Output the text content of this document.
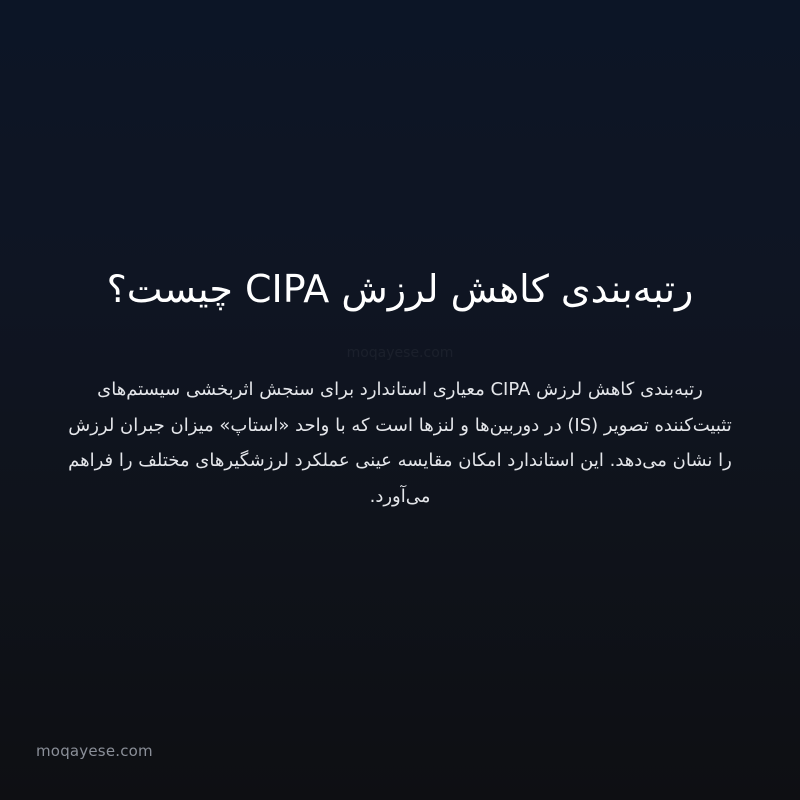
رتبه‌بندی کاهش لرزش CIPA چیست؟
moqayese.com

رتبه‌بندی کاهش لرزش CIPA معیاری استاندارد برای سنجش اثربخشی سیستم‌های تثبیت‌کننده تصویر (IS) در دوربین‌ها و لنزها است که با واحد «استاپ» میزان جبران لرزش را نشان می‌دهد. این استاندارد امکان مقایسه عینی عملکرد لرزشگیرهای مختلف را فراهم می‌آورد.

moqayese.com
